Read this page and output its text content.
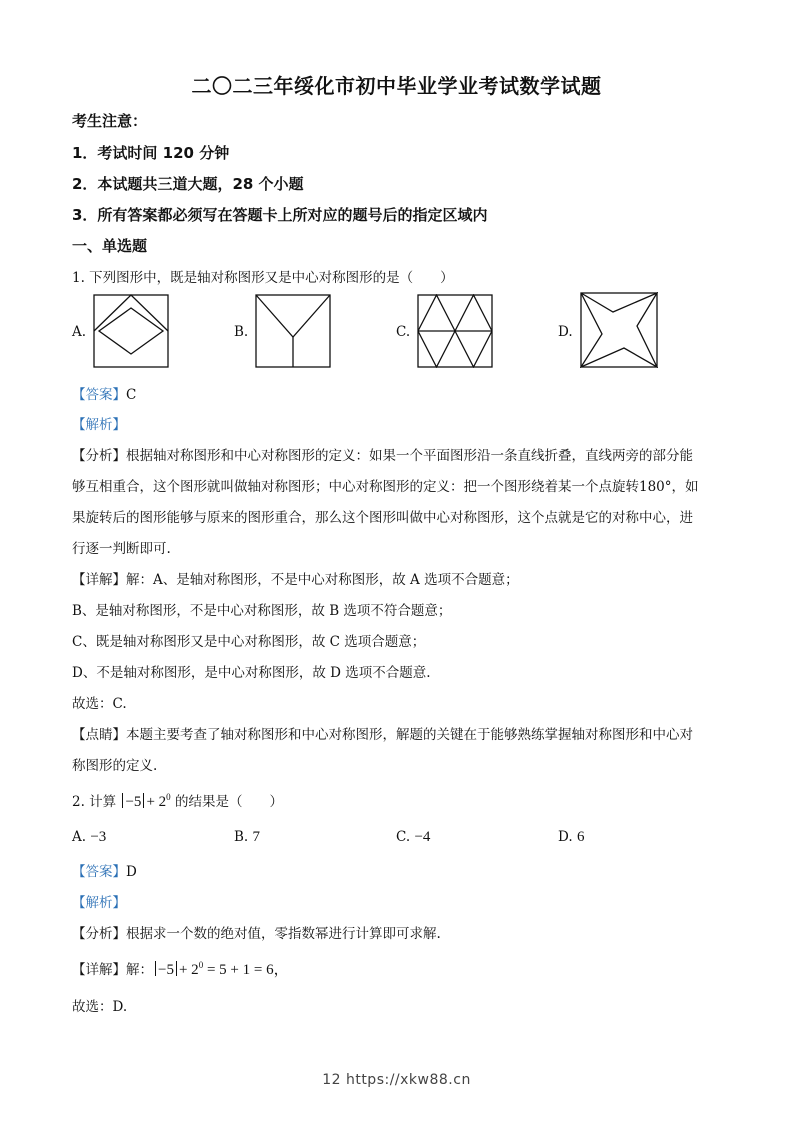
二〇二三年绥化市初中毕业学业考试数学试题
考生注意：
1．考试时间 120 分钟
2．本试题共三道大题，28 个小题
3．所有答案都必须写在答题卡上所对应的题号后的指定区域内
一、单选题
1. 下列图形中，既是轴对称图形又是中心对称图形的是（　　）
A.	B.	C.	D.
【答案】C
【解析】
【分析】根据轴对称图形和中心对称图形的定义：如果一个平面图形沿一条直线折叠，直线两旁的部分能
够互相重合，这个图形就叫做轴对称图形；中心对称图形的定义：把一个图形绕着某一个点旋转180°，如
果旋转后的图形能够与原来的图形重合，那么这个图形叫做中心对称图形，这个点就是它的对称中心，进
行逐一判断即可.
【详解】解：A、是轴对称图形，不是中心对称图形，故 A 选项不合题意；
B、是轴对称图形，不是中心对称图形，故 B 选项不符合题意；
C、既是轴对称图形又是中心对称图形，故 C 选项合题意；
D、不是轴对称图形，是中心对称图形，故 D 选项不合题意.
故选：C.
【点睛】本题主要考查了轴对称图形和中心对称图形，解题的关键在于能够熟练掌握轴对称图形和中心对
称图形的定义.
2. 计算 $-5 + 2^0$ 的结果是（　　）
A. −3	B. 7	C. −4	D. 6
【答案】D
【解析】
【分析】根据求一个数的绝对值，零指数幂进行计算即可求解.
【详解】解： $-5 + 2^0 = 5 + 1 = 6$，
故选：D.
12 https://xkw88.cn
